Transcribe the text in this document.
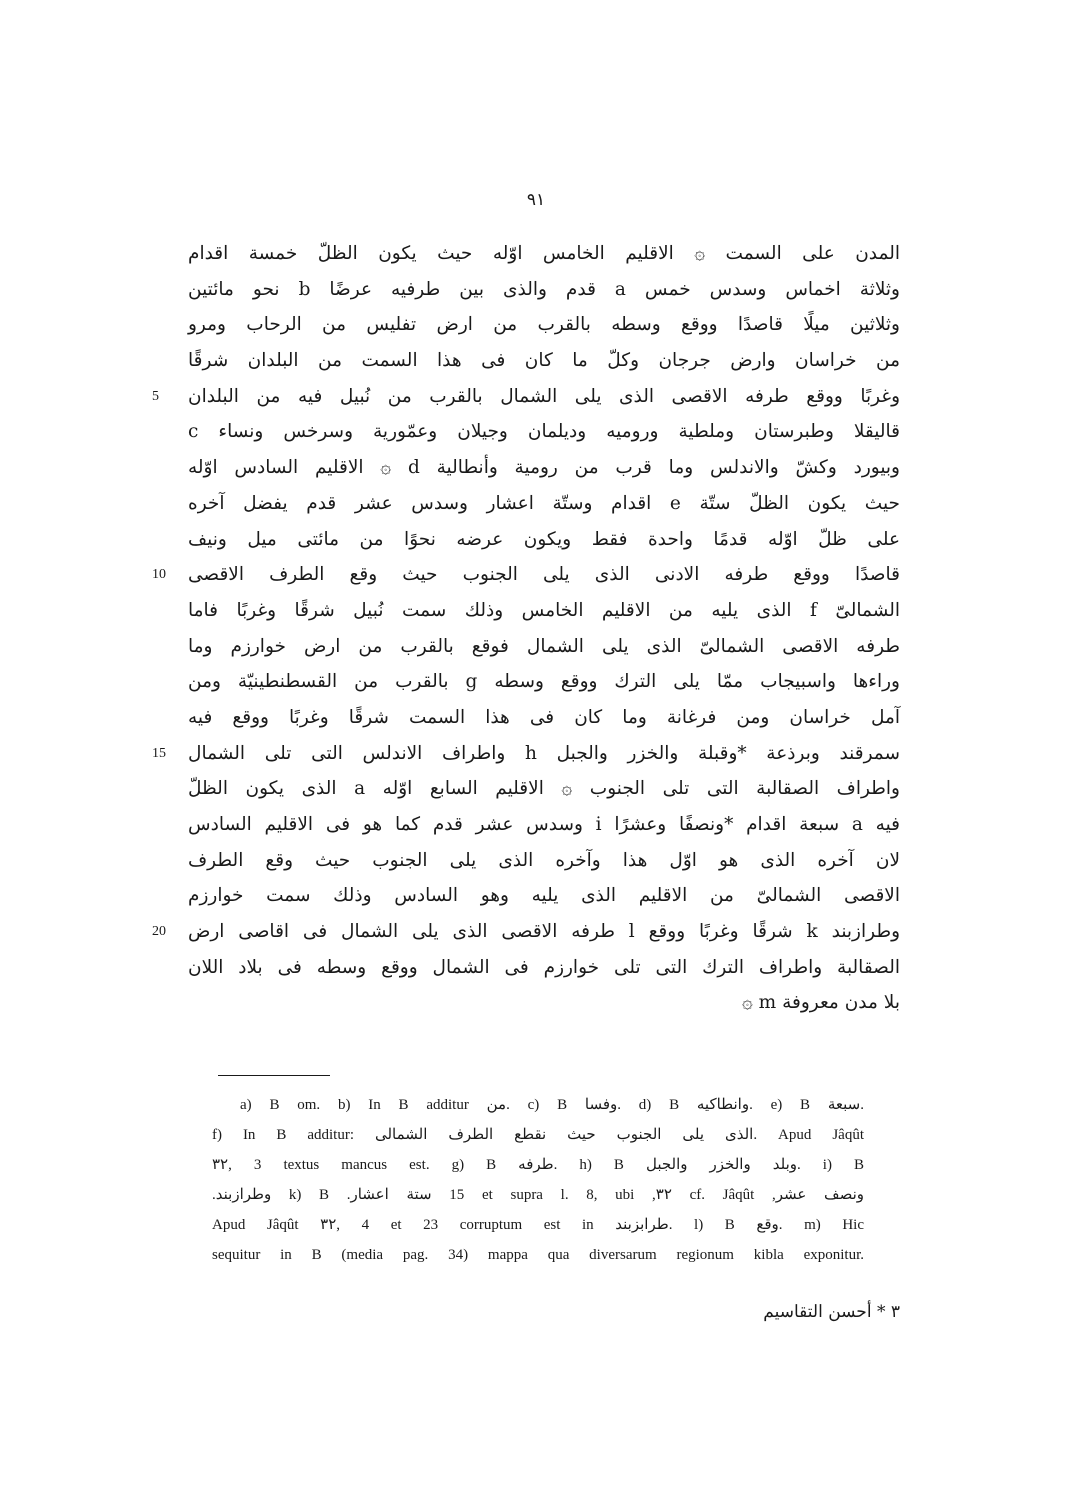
٩١
المدن على السمت ۞ الاقليم الخامس اوّله حيث يكون الظلّ خمسة اقدام
وثلاثة اخماس وسدس خمس a قدم والذى بين طرفيه عرضًا b نحو مائتين
وثلاثين ميلًا قاصدًا ووقع وسطه بالقرب من ارض تفليس من الرحاب ومرو
من خراسان وارض جرجان وكلّ ما كان فى هذا السمت من البلدان شرقًا
وغربًا ووقع طرفه الاقصى الذى يلى الشمال بالقرب من نُبيل فيه من البلدان
5
قاليقلا وطبرستان وملطية وروميه وديلمان وجيلان وعمّورية وسرخس ونساء c
وبيورد وكشّ والاندلس وما قرب من رومية وأنطالية d ۞ الاقليم السادس اوّله
حيث يكون الظلّ ستّة e اقدام وستّة اعشار وسدس عشر قدم يفضل آخره
على ظلّ اوّله قدمًا واحدة فقط ويكون عرضه نحوًا من مائتى ميل ونيف
قاصدًا ووقع طرفه الادنى الذى يلى الجنوب حيث وقع الطرف الاقصى
10
الشمالىّ f الذى يليه من الاقليم الخامس وذلك سمت نُبيل شرقًا وغربًا فاما
طرفه الاقصى الشمالىّ الذى يلى الشمال فوقع بالقرب من ارض خوارزم وما
وراءها واسبيجاب ممّا يلى الترك ووقع وسطه g بالقرب من القسطنطينيّة ومن
آمل خراسان ومن فرغانة وما كان فى هذا السمت شرقًا وغربًا ووقع فيه
سمرقند وبرذعة *وقبلة والخزر والجبل h واطراف الاندلس التى تلى الشمال
15
واطراف الصقالبة التى تلى الجنوب ۞ الاقليم السابع اوّله a الذى يكون الظلّ
فيه a سبعة اقدام *ونصفًا وعشرًا i وسدس عشر قدم كما هو فى الاقليم السادس
لان آخره الذى هو اوّل هذا وآخره الذى يلى الجنوب حيث وقع الطرف
الاقصى الشمالىّ من الاقليم الذى يليه وهو السادس وذلك سمت خوارزم
وطرازبند k شرقًا وغربًا ووقع l طرفه الاقصى الذى يلى الشمال فى اقاصى ارض
20
الصقالبة واطراف الترك التى تلى خوارزم فى الشمال ووقع وسطه فى بلاد اللان
بلا مدن معروفة m ۞
a) B om. b) In B additur من. c) B وفسا. d) B وانطاكيه. e) B سبعة.
f) In B additur: الذى يلى الجنوب حيث نقطع الطرف الشمالى. Apud Jâqût
٣٢, 3 textus mancus est. g) B طرفه. h) B وبلد والخزر والجبل. i) B
ونصف عشر, cf. Jâqût ٣٢, 15 et supra l. 8, ubi ستة اعشار. k) B وطرازبند.
Apud Jâqût ٣٢, 4 et 23 corruptum est in طرابزبند. l) B وقع. m) Hic
sequitur in B (media pag. 34) mappa qua diversarum regionum kibla exponitur.
٣ * أحسن التقاسيم
